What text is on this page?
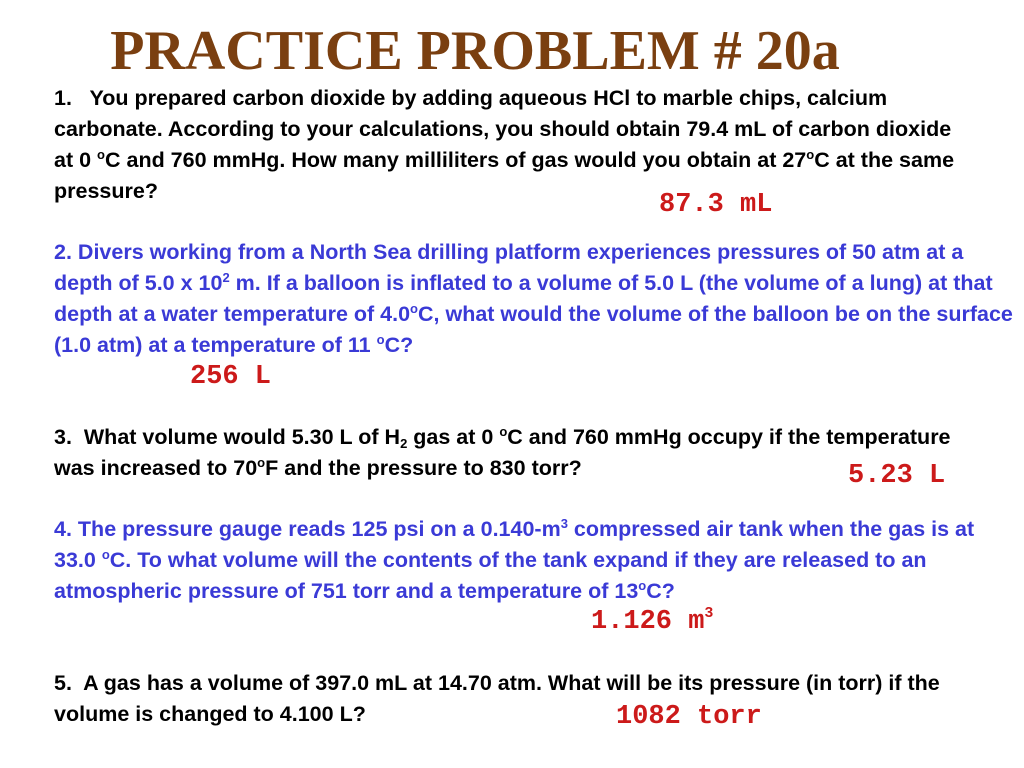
PRACTICE PROBLEM # 20a

1. You prepared carbon dioxide by adding aqueous HCl to marble chips, calcium carbonate. According to your calculations, you should obtain 79.4 mL of carbon dioxide at 0 $^o$C and 760 mmHg. How many milliliters of gas would you obtain at 27$^o$C at the same pressure?	87.3 mL

2. Divers working from a North Sea drilling platform experiences pressures of 50 atm at a depth of 5.0 x $10^2$ m. If a balloon is inflated to a volume of 5.0 L (the volume of a lung) at that depth at a water temperature of 4.0$^o$C, what would the volume of the balloon be on the surface (1.0 atm) at a temperature of 11 $^o$C?

256 L

3. What volume would 5.30 L of $H_2$ gas at 0 $^o$C and 760 mmHg occupy if the temperature was increased to 70$^o$F and the pressure to 830 torr?	5.23 L

4. The pressure gauge reads 125 psi on a $0.140-m^3$ compressed air tank when the gas is at 33.0 $^o$C. To what volume will the contents of the tank expand if they are released to an atmospheric pressure of 751 torr and a temperature of 13$^o$C?

1.126 $m^3$

5. A gas has a volume of 397.0 mL at 14.70 atm. What will be its pressure (in torr) if the volume is changed to 4.100 L?	1082 torr
